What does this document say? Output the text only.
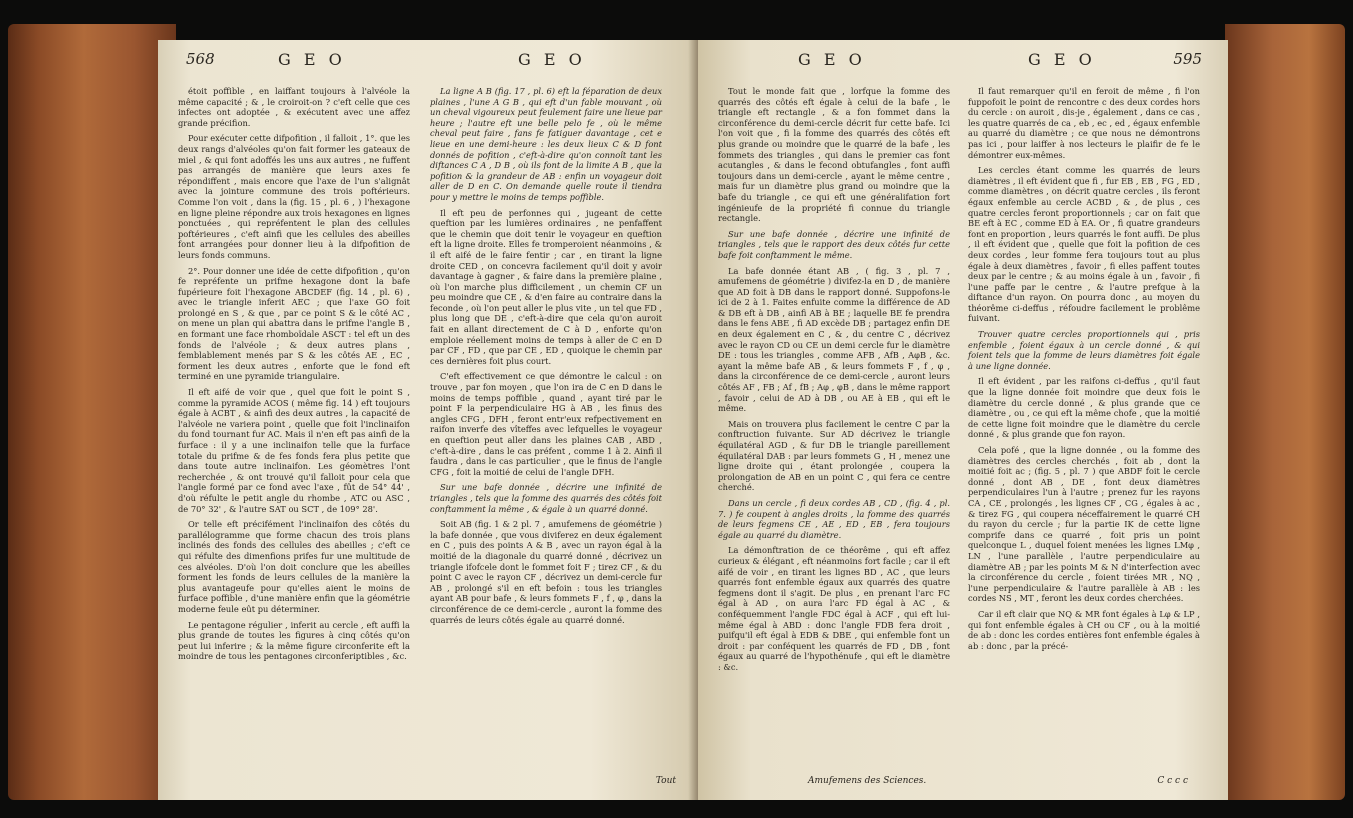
568	G E O	G E O

étoit poffible , en laiffant toujours à l'alvéole la même capacité ; & , le croiroit-on ? c'eft celle que ces infectes ont adoptée , & exécutent avec une affez grande précifion.

Pour exécuter cette difpofition , il falloit , 1°. que les deux rangs d'alvéoles qu'on fait former les gateaux de miel , & qui font adoffés les uns aux autres , ne fuffent pas arrangés de manière que leurs axes fe répondiffent , mais encore que l'axe de l'un s'alignât avec la jointure commune des trois poftérieurs. Comme l'on voit , dans la (fig. 15 , pl. 6 , ) l'hexagone en ligne pleine répondre aux trois hexagones en lignes ponctuées , qui repréfentent le plan des cellules poftérieures , c'eft ainfi que les cellules des abeilles font arrangées pour donner lieu à la difpofition de leurs fonds communs.

2°. Pour donner une idée de cette difpofition , qu'on fe repréfente un prifme hexagone dont la bafe fupérieure foit l'hexagone ABCDEF (fig. 14 , pl. 6) , avec le triangle inferit AEC ; que l'axe GO foit prolongé en S , & que , par ce point S & le côté AC , on mene un plan qui abattra dans le prifme l'angle B , en formant une face rhomboïdale ASCT : tel eft un des fonds de l'alvéole ; & deux autres plans , femblablement menés par S & les côtés AE , EC , forment les deux autres , enforte que le fond eft terminé en une pyramide triangulaire.

Il eft aifé de voir que , quel que foit le point S , comme la pyramide ACOS ( même fig. 14 ) eft toujours égale à ACBT , & ainfi des deux autres , la capacité de l'alvéole ne variera point , quelle que foit l'inclinaifon du fond tournant fur AC. Mais il n'en eft pas ainfi de la furface : il y a une inclinaifon telle que la furface totale du prifme & de fes fonds fera plus petite que dans toute autre inclinaifon. Les géomètres l'ont recherchée , & ont trouvé qu'il falloit pour cela que l'angle formé par ce fond avec l'axe , fût de 54° 44' , d'où réfulte le petit angle du rhombe , ATC ou ASC , de 70° 32' , & l'autre SAT ou SCT , de 109° 28'.

Or telle eft précifément l'inclinaifon des côtés du parallélogramme que forme chacun des trois plans inclinés des fonds des cellules des abeilles ; c'eft ce qui réfulte des dimenfions prifes fur une multitude de ces alvéoles. D'où l'on doit conclure que les abeilles forment les fonds de leurs cellules de la manière la plus avantageufe pour qu'elles aient le moins de furface poffible , d'une manière enfin que la géométrie moderne feule eût pu déterminer.

Le pentagone régulier , inferit au cercle , eft auffi la plus grande de toutes les figures à cinq côtés qu'on peut lui inferire ; & la même figure circonferite eft la moindre de tous les pentagones circonferiptibles , &c.

La ligne A B (fig. 17 , pl. 6) eft la féparation de deux plaines , l'une A G B , qui eft d'un fable mouvant , où un cheval vigoureux peut feulement faire une lieue par heure ; l'autre eft une belle pelo fe , où le même cheval peut faire , fans fe fatiguer davantage , cet e lieue en une demi-heure : les deux lieux C & D font donnés de pofition , c'eft-à-dire qu'on connoît tant les diftances C A , D B , où ils font de la limite A B , que la pofition & la grandeur de AB : enfin un voyageur doit aller de D en C. On demande quelle route il tiendra pour y mettre le moins de temps poffible.

Il eft peu de perfonnes qui , jugeant de cette queftion par les lumières ordinaires , ne penfaffent que le chemin que doit tenir le voyageur en queftion eft la ligne droite. Elles fe tromperoient néanmoins , & il eft aifé de le faire fentir ; car , en tirant la ligne droite CED , on concevra facilement qu'il doit y avoir davantage à gagner , & faire dans la première plaine , où l'on marche plus difficilement , un chemin CF un peu moindre que CE , & d'en faire au contraire dans la feconde , où l'on peut aller le plus vite , un tel que FD , plus long que DE , c'eft-à-dire que cela qu'on auroit fait en allant directement de C à D , enforte qu'on emploie réellement moins de temps à aller de C en D par CF , FD , que par CE , ED , quoique le chemin par ces dernières foit plus court.

C'eft effectivement ce que démontre le calcul : on trouve , par fon moyen , que l'on ira de C en D dans le moins de temps poffible , quand , ayant tiré par le point F la perpendiculaire HG à AB , les finus des angles CFG , DFH , feront entr'eux refpectivement en raifon inverfe des vîteffes avec lefquelles le voyageur en queftion peut aller dans les plaines CAB , ABD , c'eft-à-dire , dans le cas préfent , comme 1 à 2. Ainfi il faudra , dans le cas particulier , que le finus de l'angle CFG , foit la moitié de celui de l'angle DFH.

Sur une bafe donnée , décrire une infinité de triangles , tels que la fomme des quarrés des côtés foit conftamment la même , & égale à un quarré donné.

Soit AB (fig. 1 & 2 pl. 7 , amufemens de géométrie ) la bafe donnée , que vous diviferez en deux également en C , puis des points A & B , avec un rayon égal à la moitié de la diagonale du quarré donné , décrivez un triangle ifofcele dont le fommet foit F ; tirez CF , & du point C avec le rayon CF , décrivez un demi-cercle fur AB , prolongé s'il en eft befoin : tous les triangles ayant AB pour bafe , & leurs fommets F , f , φ , dans la circonférence de ce demi-cercle , auront la fomme des quarrés de leurs côtés égale au quarré donné.

Tout
G E O	G E O	595

Tout le monde fait que , lorfque la fomme des quarrés des côtés eft égale à celui de la bafe , le triangle eft rectangle , & a fon fommet dans la circonférence du demi-cercle décrit fur cette bafe. Ici l'on voit que , fi la fomme des quarrés des côtés eft plus grande ou moindre que le quarré de la bafe , les fommets des triangles , qui dans le premier cas font acutangles , & dans le fecond obtufangles , font auffi toujours dans un demi-cercle , ayant le même centre , mais fur un diamètre plus grand ou moindre que la bafe du triangle , ce qui eft une généralifation fort ingénieufe de la propriété fi connue du triangle rectangle.

Sur une bafe donnée , décrire une infinité de triangles , tels que le rapport des deux côtés fur cette bafe foit conftamment le même.

La bafe donnée étant AB , ( fig. 3 , pl. 7 , amufemens de géométrie ) divifez-la en D , de manière que AD foit à DB dans le rapport donné. Suppofons-le ici de 2 à 1. Faites enfuite comme la différence de AD & DB eft à DB , ainfi AB à BE ; laquelle BE fe prendra dans le fens ABE , fi AD excède DB ; partagez enfin DE en deux également en C , & , du centre C , décrivez avec le rayon CD ou CE un demi cercle fur le diamètre DE : tous les triangles , comme AFB , AfB , AφB , &c. ayant la même bafe AB , & leurs fommets F , f , φ , dans la circonférence de ce demi-cercle , auront leurs côtés AF , FB ; Af , fB ; Aφ , φB , dans le même rapport , favoir , celui de AD à DB , ou AE à EB , qui eft le même.

Mais on trouvera plus facilement le centre C par la conftruction fuivante. Sur AD décrivez le triangle équilatéral AGD , & fur DB le triangle pareillement équilatéral DAB : par leurs fommets G , H , menez une ligne droite qui , étant prolongée , coupera la prolongation de AB en un point C , qui fera ce centre cherché.

Dans un cercle , fi deux cordes AB , CD , (fig. 4 , pl. 7. ) fe coupent à angles droits , la fomme des quarrés de leurs fegmens CE , AE , ED , EB , fera toujours égale au quarré du diamètre.

La démonftration de ce théorême , qui eft affez curieux & élégant , eft néanmoins fort facile ; car il eft aifé de voir , en tirant les lignes BD , AC , que leurs quarrés font enfemble égaux aux quarrés des quatre fegmens dont il s'agit. De plus , en prenant l'arc FC égal à AD , on aura l'arc FD égal à AC , & conféquemment l'angle FDC égal à ACF , qui eft lui-même égal à ABD : donc l'angle FDB fera droit , puifqu'il eft égal à EDB & DBE , qui enfemble font un droit : par conféquent les quarrés de FD , DB , font égaux au quarré de l'hypothénufe , qui eft le diamètre : &c.

Il faut remarquer qu'il en feroit de même , fi l'on fuppofoit le point de rencontre c des deux cordes hors du cercle : on auroit , dis-je , également , dans ce cas , les quatre quarrés de ca , eb , ec , ed , égaux enfemble au quarré du diamètre ; ce que nous ne démontrons pas ici , pour laiffer à nos lecteurs le plaifir de fe le démontrer eux-mêmes.

Les cercles étant comme les quarrés de leurs diamètres , il eft évident que fi , fur EB , EB , FG , ED , comme diamètres , on décrit quatre cercles , ils feront égaux enfemble au cercle ACBD , & , de plus , ces quatre cercles feront proportionnels ; car on fait que BE eft à EC , comme ED à EA. Or , fi quatre grandeurs font en proportion , leurs quarrés le font auffi. De plus , il eft évident que , quelle que foit la pofition de ces deux cordes , leur fomme fera toujours tout au plus égale à deux diamètres , favoir , fi elles paffent toutes deux par le centre ; & au moins égale à un , favoir , fi l'une paffe par le centre , & l'autre prefque à la diftance d'un rayon. On pourra donc , au moyen du théorême ci-deffus , réfoudre facilement le problême fuivant.

Trouver quatre cercles proportionnels qui , pris enfemble , foient égaux à un cercle donné , & qui foient tels que la fomme de leurs diamètres foit égale à une ligne donnée.

Il eft évident , par les raifons ci-deffus , qu'il faut que la ligne donnée foit moindre que deux fois le diamètre du cercle donné , & plus grande que ce diamètre , ou , ce qui eft la même chofe , que la moitié de cette ligne foit moindre que le diamètre du cercle donné , & plus grande que fon rayon.

Cela pofé , que la ligne donnée , ou la fomme des diamètres des cercles cherchés , foit ab , dont la moitié foit ac ; (fig. 5 , pl. 7 ) que ABDF foit le cercle donné , dont AB , DE , font deux diamètres perpendiculaires l'un à l'autre ; prenez fur les rayons CA , CE , prolongés , les lignes CF , CG , égales à ac , & tirez FG , qui coupera néceffairement le quarré CH du rayon du cercle ; fur la partie IK de cette ligne comprife dans ce quarré , foit pris un point quelconque L , duquel foient menées les lignes LMφ , LN , l'une parallèle , l'autre perpendiculaire au diamètre AB ; par les points M & N d'interfection avec la circonférence du cercle , foient tirées MR , NQ , l'une perpendiculaire & l'autre parallèle à AB : les cordes NS , MT , feront les deux cordes cherchées.

Car il eft clair que NQ & MR font égales à Lφ & LP , qui font enfemble égales à CH ou CF , ou à la moitié de ab : donc les cordes entières font enfemble égales à ab : donc , par la précé-

Amufemens des Sciences.	C c c c
